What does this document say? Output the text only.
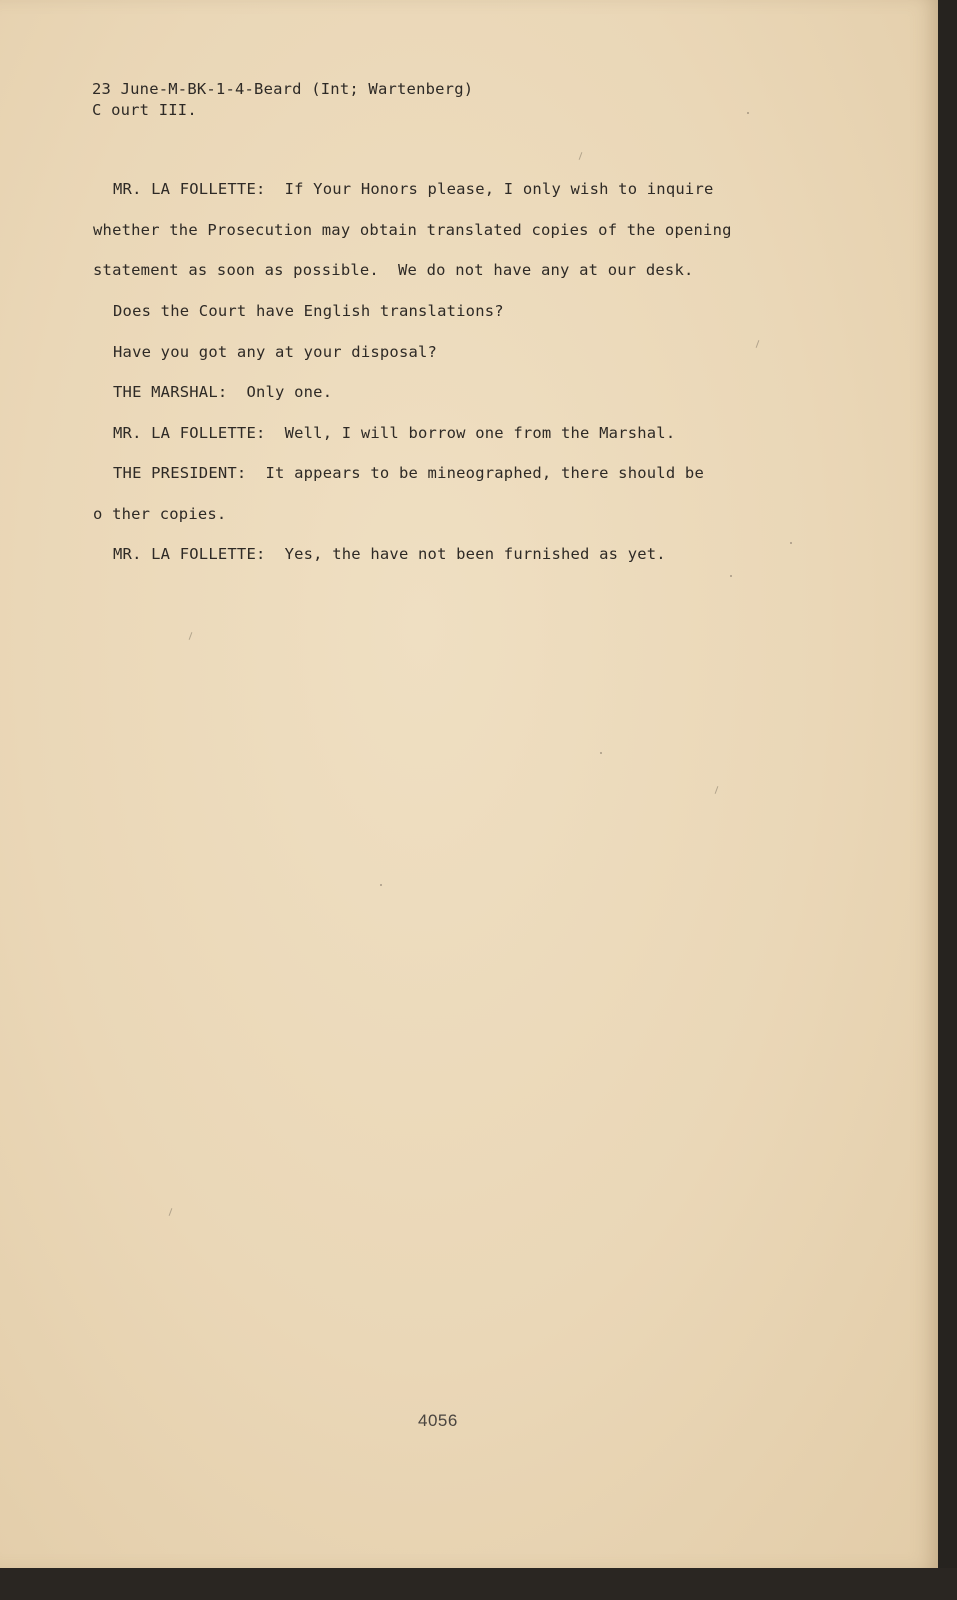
23 June-M-BK-1-4-Beard (Int; Wartenberg)
C ourt III.
MR. LA FOLLETTE:  If Your Honors please, I only wish to inquire
whether the Prosecution may obtain translated copies of the opening
statement as soon as possible.  We do not have any at our desk.
Does the Court have English translations?
Have you got any at your disposal?
THE MARSHAL:  Only one.
MR. LA FOLLETTE:  Well, I will borrow one from the Marshal.
THE PRESIDENT:  It appears to be mineographed, there should be
o ther copies.
MR. LA FOLLETTE:  Yes, the have not been furnished as yet.
4056
